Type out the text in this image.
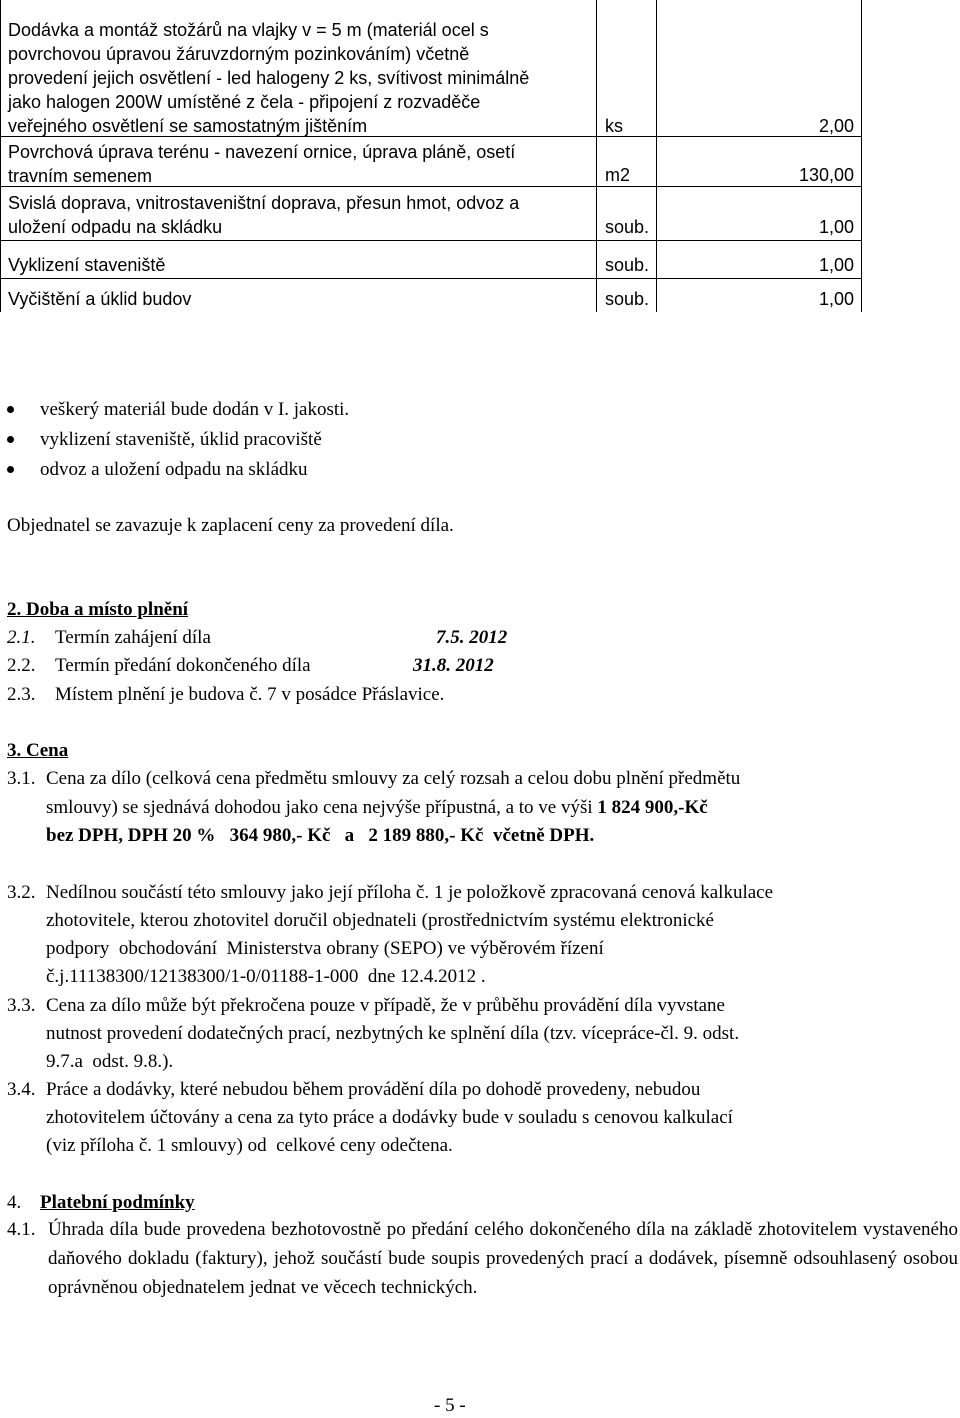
Dodávka a montáž stožárů na vlajky v = 5 m (materiál ocel s
povrchovou úpravou žáruvzdorným pozinkováním) včetně
provedení jejich osvětlení - led halogeny 2 ks, svítivost minimálně
jako halogen 200W umístěné z čela - připojení z rozvaděče
veřejného osvětlení se samostatným jištěním	ks	2,00
Povrchová úprava terénu - navezení ornice, úprava pláně, osetí
travním semenem	m2	130,00
Svislá doprava, vnitrostaveništní doprava, přesun hmot, odvoz a
uložení odpadu na skládku	soub.	1,00
Vyklizení staveniště	soub.	1,00
Vyčištění a úklid budov	soub.	1,00
veškerý materiál bude dodán v I. jakosti.
vyklizení staveniště, úklid pracoviště
odvoz a uložení odpadu na skládku
Objednatel se zavazuje k zaplacení ceny za provedení díla.
2. Doba a místo plnění
2.1. Termín zahájení díla	7.5. 2012
2.2. Termín předání dokončeného díla	31.8. 2012
2.3. Místem plnění je budova č. 7 v posádce Přáslavice.
3. Cena
3.1. Cena za dílo (celková cena předmětu smlouvy za celý rozsah a celou dobu plnění předmětu
smlouvy) se sjednává dohodou jako cena nejvýše přípustná, a to ve výši 1 824 900,-Kč
bez DPH, DPH 20 %   364 980,- Kč   a   2 189 880,- Kč  včetně DPH.
3.2. Nedílnou součástí této smlouvy jako její příloha č. 1 je položkově zpracovaná cenová kalkulace
zhotovitele, kterou zhotovitel doručil objednateli (prostřednictvím systému elektronické
podpory  obchodování  Ministerstva obrany (SEPO) ve výběrovém řízení
č.j.11138300/12138300/1-0/01188-1-000  dne 12.4.2012 .
3.3. Cena za dílo může být překročena pouze v případě, že v průběhu provádění díla vyvstane
nutnost provedení dodatečných prací, nezbytných ke splnění díla (tzv. vícepráce-čl. 9. odst.
9.7.a  odst. 9.8.).
3.4. Práce a dodávky, které nebudou během provádění díla po dohodě provedeny, nebudou
zhotovitelem účtovány a cena za tyto práce a dodávky bude v souladu s cenovou kalkulací
(viz příloha č. 1 smlouvy) od  celkové ceny odečtena.
4. Platební podmínky
4.1. Úhrada díla bude provedena bezhotovostně po předání celého dokončeného díla na základě zhotovitelem vystaveného daňového dokladu (faktury), jehož součástí bude soupis provedených prací a dodávek, písemně odsouhlasený osobou oprávněnou objednatelem jednat ve věcech technických.
- 5 -
